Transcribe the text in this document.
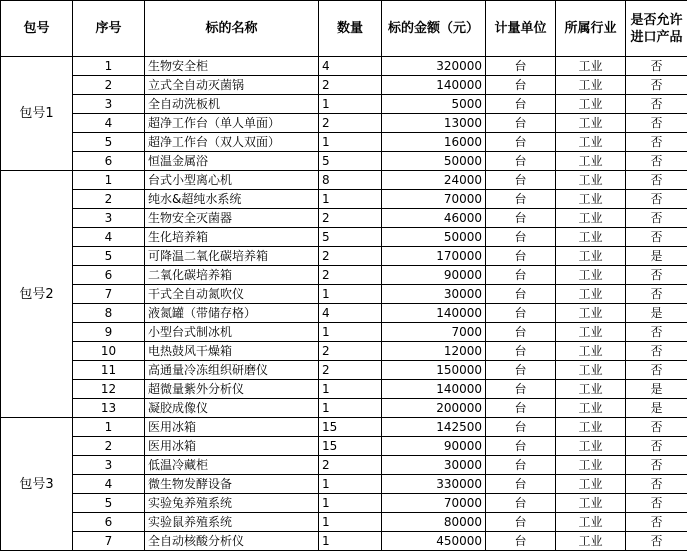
包号	序号	标的名称	数量	标的金额（元）	计量单位	所属行业	是否允许进口产品
包号1	1	生物安全柜	4	320000	台	工业	否
	2	立式全自动灭菌锅	2	140000	台	工业	否
	3	全自动洗板机	1	5000	台	工业	否
	4	超净工作台（单人单面）	2	13000	台	工业	否
	5	超净工作台（双人双面）	1	16000	台	工业	否
	6	恒温金属浴	5	50000	台	工业	否
包号2	1	台式小型离心机	8	24000	台	工业	否
	2	纯水&超纯水系统	1	70000	台	工业	否
	3	生物安全灭菌器	2	46000	台	工业	否
	4	生化培养箱	5	50000	台	工业	否
	5	可降温二氧化碳培养箱	2	170000	台	工业	是
	6	二氧化碳培养箱	2	90000	台	工业	否
	7	干式全自动氮吹仪	1	30000	台	工业	否
	8	液氮罐（带储存格）	4	140000	台	工业	是
	9	小型台式制冰机	1	7000	台	工业	否
	10	电热鼓风干燥箱	2	12000	台	工业	否
	11	高通量冷冻组织研磨仪	2	150000	台	工业	否
	12	超微量紫外分析仪	1	140000	台	工业	是
	13	凝胶成像仪	1	200000	台	工业	是
包号3	1	医用冰箱	15	142500	台	工业	否
	2	医用冰箱	15	90000	台	工业	否
	3	低温冷藏柜	2	30000	台	工业	否
	4	微生物发酵设备	1	330000	台	工业	否
	5	实验兔养殖系统	1	70000	台	工业	否
	6	实验鼠养殖系统	1	80000	台	工业	否
	7	全自动核酸分析仪	1	450000	台	工业	否
